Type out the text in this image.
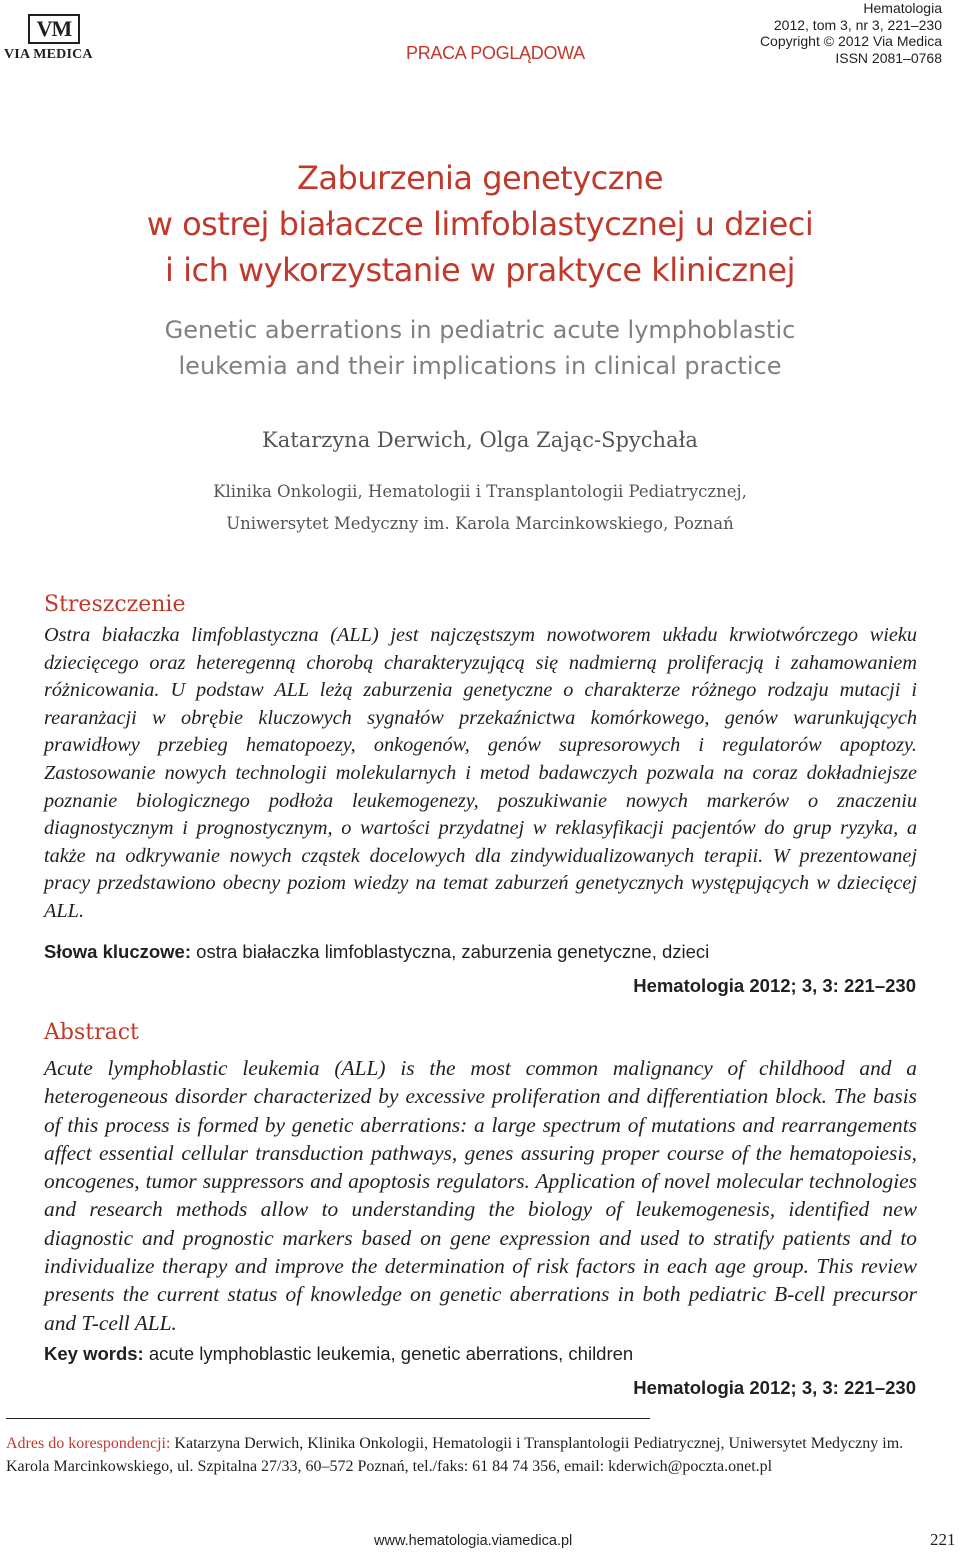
VM
VIA MEDICA	PRACA POGLĄDOWA
Hematologia
2012, tom 3, nr 3, 221–230
Copyright © 2012 Via Medica
ISSN 2081–0768
Zaburzenia genetyczne
w ostrej białaczce limfoblastycznej u dzieci
i ich wykorzystanie w praktyce klinicznej
Genetic aberrations in pediatric acute lymphoblastic
leukemia and their implications in clinical practice
Katarzyna Derwich, Olga Zając-Spychała
Klinika Onkologii, Hematologii i Transplantologii Pediatrycznej,
Uniwersytet Medyczny im. Karola Marcinkowskiego, Poznań
Streszczenie
Ostra białaczka limfoblastyczna (ALL) jest najczęstszym nowotworem układu krwiotwórczego wieku dziecięcego oraz heteregenną chorobą charakteryzującą się nadmierną proliferacją i zahamowaniem różnicowania. U podstaw ALL leżą zaburzenia genetyczne o charakterze różnego rodzaju mutacji i rearanżacji w obrębie kluczowych sygnałów przekaźnictwa komórkowego, genów warunkujących prawidłowy przebieg hematopoezy, onkogenów, genów supresorowych i regulatorów apoptozy. Zastosowanie nowych technologii molekularnych i metod badawczych pozwala na coraz dokładniejsze poznanie biologicznego podłoża leukemogenezy, poszukiwanie nowych markerów o znaczeniu diagnostycznym i prognostycznym, o wartości przydatnej w reklasyfikacji pacjentów do grup ryzyka, a także na odkrywanie nowych cząstek docelowych dla zindywidualizowanych terapii. W prezentowanej pracy przedstawiono obecny poziom wiedzy na temat zaburzeń genetycznych występujących w dziecięcej ALL.
Słowa kluczowe: ostra białaczka limfoblastyczna, zaburzenia genetyczne, dzieci
Hematologia 2012; 3, 3: 221–230
Abstract
Acute lymphoblastic leukemia (ALL) is the most common malignancy of childhood and a heterogeneous disorder characterized by excessive proliferation and differentiation block. The basis of this process is formed by genetic aberrations: a large spectrum of mutations and rearrangements affect essential cellular transduction pathways, genes assuring proper course of the hematopoiesis, oncogenes, tumor suppressors and apoptosis regulators. Application of novel molecular technologies and research methods allow to understanding the biology of leukemogenesis, identified new diagnostic and prognostic markers based on gene expression and used to stratify patients and to individualize therapy and improve the determination of risk factors in each age group. This review presents the current status of knowledge on genetic aberrations in both pediatric B-cell precursor and T-cell ALL.
Key words: acute lymphoblastic leukemia, genetic aberrations, children
Hematologia 2012; 3, 3: 221–230
Adres do korespondencji: Katarzyna Derwich, Klinika Onkologii, Hematologii i Transplantologii Pediatrycznej, Uniwersytet Medyczny im. Karola Marcinkowskiego, ul. Szpitalna 27/33, 60–572 Poznań, tel./faks: 61 84 74 356, email: kderwich@poczta.onet.pl
www.hematologia.viamedica.pl	221
